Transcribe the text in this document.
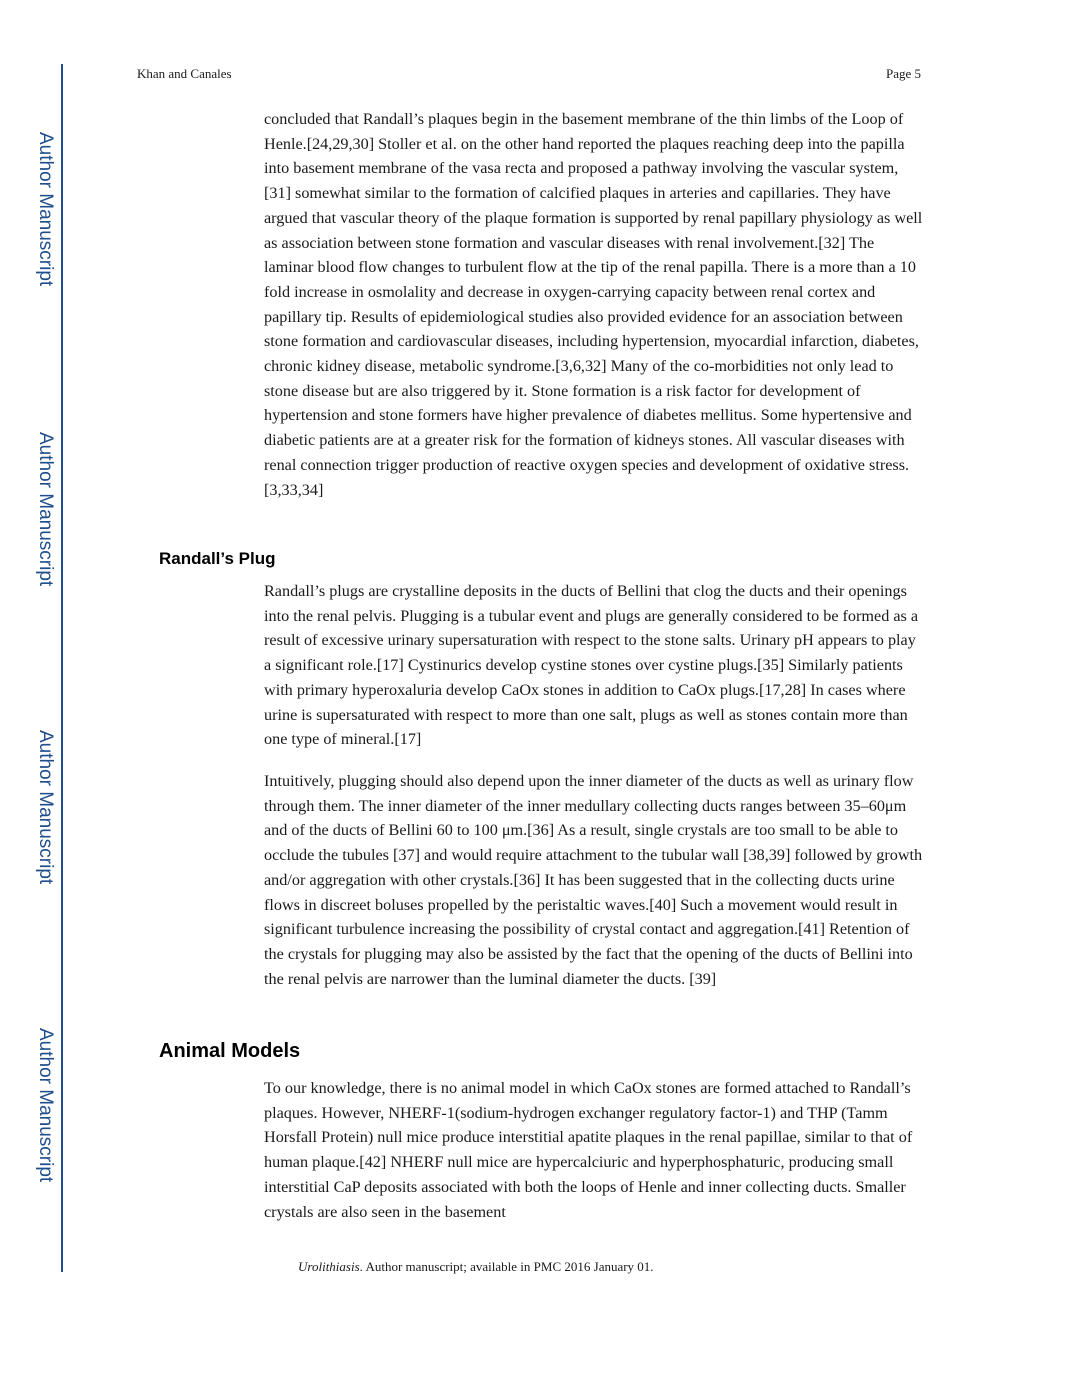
Author Manuscript
Author Manuscript
Author Manuscript
Author Manuscript
Khan and Canales	Page 5

concluded that Randall’s plaques begin in the basement membrane of the thin limbs of the Loop of Henle.[24,29,30] Stoller et al. on the other hand reported the plaques reaching deep into the papilla into basement membrane of the vasa recta and proposed a pathway involving the vascular system, [31] somewhat similar to the formation of calcified plaques in arteries and capillaries. They have argued that vascular theory of the plaque formation is supported by renal papillary physiology as well as association between stone formation and vascular diseases with renal involvement.[32] The laminar blood flow changes to turbulent flow at the tip of the renal papilla. There is a more than a 10 fold increase in osmolality and decrease in oxygen-carrying capacity between renal cortex and papillary tip. Results of epidemiological studies also provided evidence for an association between stone formation and cardiovascular diseases, including hypertension, myocardial infarction, diabetes, chronic kidney disease, metabolic syndrome.[3,6,32] Many of the co-morbidities not only lead to stone disease but are also triggered by it. Stone formation is a risk factor for development of hypertension and stone formers have higher prevalence of diabetes mellitus. Some hypertensive and diabetic patients are at a greater risk for the formation of kidneys stones. All vascular diseases with renal connection trigger production of reactive oxygen species and development of oxidative stress.[3,33,34]

Randall’s Plug

Randall’s plugs are crystalline deposits in the ducts of Bellini that clog the ducts and their openings into the renal pelvis. Plugging is a tubular event and plugs are generally considered to be formed as a result of excessive urinary supersaturation with respect to the stone salts. Urinary pH appears to play a significant role.[17] Cystinurics develop cystine stones over cystine plugs.[35] Similarly patients with primary hyperoxaluria develop CaOx stones in addition to CaOx plugs.[17,28] In cases where urine is supersaturated with respect to more than one salt, plugs as well as stones contain more than one type of mineral.[17]

Intuitively, plugging should also depend upon the inner diameter of the ducts as well as urinary flow through them. The inner diameter of the inner medullary collecting ducts ranges between 35–60μm and of the ducts of Bellini 60 to 100 μm.[36] As a result, single crystals are too small to be able to occlude the tubules [37] and would require attachment to the tubular wall [38,39] followed by growth and/or aggregation with other crystals.[36] It has been suggested that in the collecting ducts urine flows in discreet boluses propelled by the peristaltic waves.[40] Such a movement would result in significant turbulence increasing the possibility of crystal contact and aggregation.[41] Retention of the crystals for plugging may also be assisted by the fact that the opening of the ducts of Bellini into the renal pelvis are narrower than the luminal diameter the ducts. [39]

Animal Models

To our knowledge, there is no animal model in which CaOx stones are formed attached to Randall’s plaques. However, NHERF-1(sodium-hydrogen exchanger regulatory factor-1) and THP (Tamm Horsfall Protein) null mice produce interstitial apatite plaques in the renal papillae, similar to that of human plaque.[42] NHERF null mice are hypercalciuric and hyperphosphaturic, producing small interstitial CaP deposits associated with both the loops of Henle and inner collecting ducts. Smaller crystals are also seen in the basement

Urolithiasis. Author manuscript; available in PMC 2016 January 01.
